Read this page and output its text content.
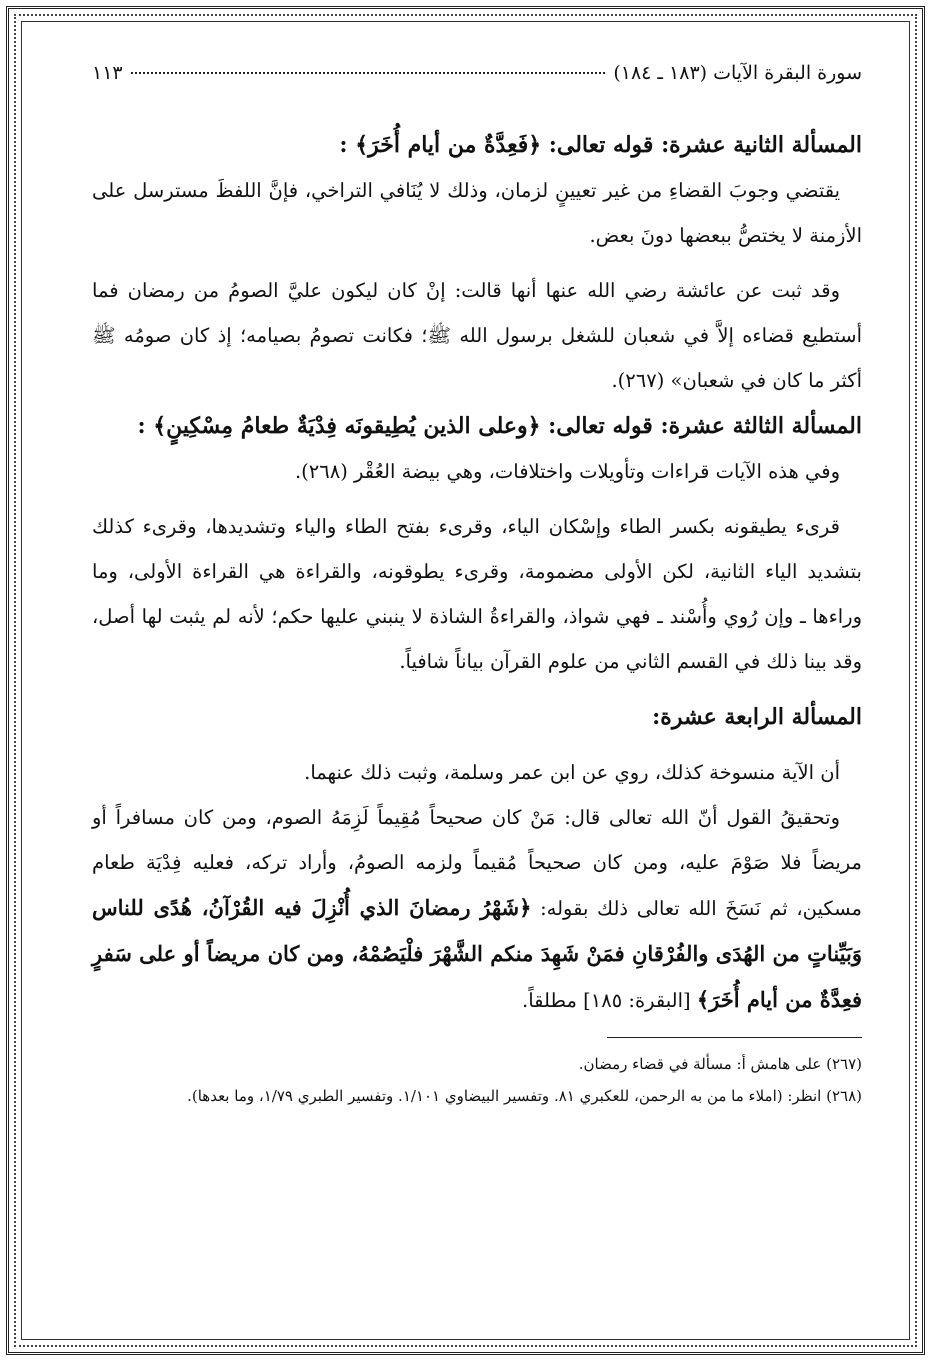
سورة البقرة الآيات (١٨٣ ـ ١٨٤)
١١٣
المسألة الثانية عشرة: قوله تعالى: ﴿فَعِدَّةٌ من أيام أُخَرَ﴾ :

يقتضي وجوبَ القضاءِ من غير تعيينٍ لزمان، وذلك لا يُنَافي التراخي، فإنَّ اللفظَ مسترسل على الأزمنة لا يختصُّ ببعضها دونَ بعض.

وقد ثبت عن عائشة رضي الله عنها أنها قالت: إنْ كان ليكون عليَّ الصومُ من رمضان فما أستطيع قضاءه إلاَّ في شعبان للشغل برسول الله ﷺ؛ فكانت تصومُ بصيامه؛ إذ كان صومُه ﷺ أكثر ما كان في شعبان» (٢٦٧).

المسألة الثالثة عشرة: قوله تعالى: ﴿وعلى الذين يُطِيقونَه فِدْيَةٌ طعامُ مِسْكِينٍ﴾ :

وفي هذه الآيات قراءات وتأويلات واختلافات، وهي بيضة العُقْر (٢٦٨).

قرىء يطيقونه بكسر الطاء وإسْكان الياء، وقرىء بفتح الطاء والياء وتشديدها، وقرىء كذلك بتشديد الياء الثانية، لكن الأولى مضمومة، وقرىء يطوقونه، والقراءة هي القراءة الأولى، وما وراءها ـ وإن رُوي وأُسْند ـ فهي شواذ، والقراءةُ الشاذة لا ينبني عليها حكم؛ لأنه لم يثبت لها أصل، وقد بينا ذلك في القسم الثاني من علوم القرآن بياناً شافياً.

المسألة الرابعة عشرة:

أن الآية منسوخة كذلك، روي عن ابن عمر وسلمة، وثبت ذلك عنهما.

وتحقيقُ القول أنّ الله تعالى قال: مَنْ كان صحيحاً مُقِيماً لَزِمَهُ الصوم، ومن كان مسافراً أو مريضاً فلا صَوْمَ عليه، ومن كان صحيحاً مُقيماً ولزمه الصومُ، وأراد تركه، فعليه فِدْيَة طعام مسكين، ثم نَسَخَ الله تعالى ذلك بقوله: ﴿شَهْرُ رمضانَ الذي أُنْزِلَ فيه القُرْآنُ، هُدًى للناس وَبَيِّناتٍ من الهُدَى والفُرْقانِ فمَنْ شَهِدَ منكم الشَّهْرَ فلْيَصُمْهُ، ومن كان مريضاً أو على سَفرٍ فعِدَّةٌ من أيام أُخَرَ﴾ [البقرة: ١٨٥] مطلقاً.

(٢٦٧) على هامش أ: مسألة في قضاء رمضان.

(٢٦٨) انظر: (املاء ما من به الرحمن، للعكبري ٨١. وتفسير البيضاوي ١/١٠١. وتفسير الطبري ١/٧٩، وما بعدها).
